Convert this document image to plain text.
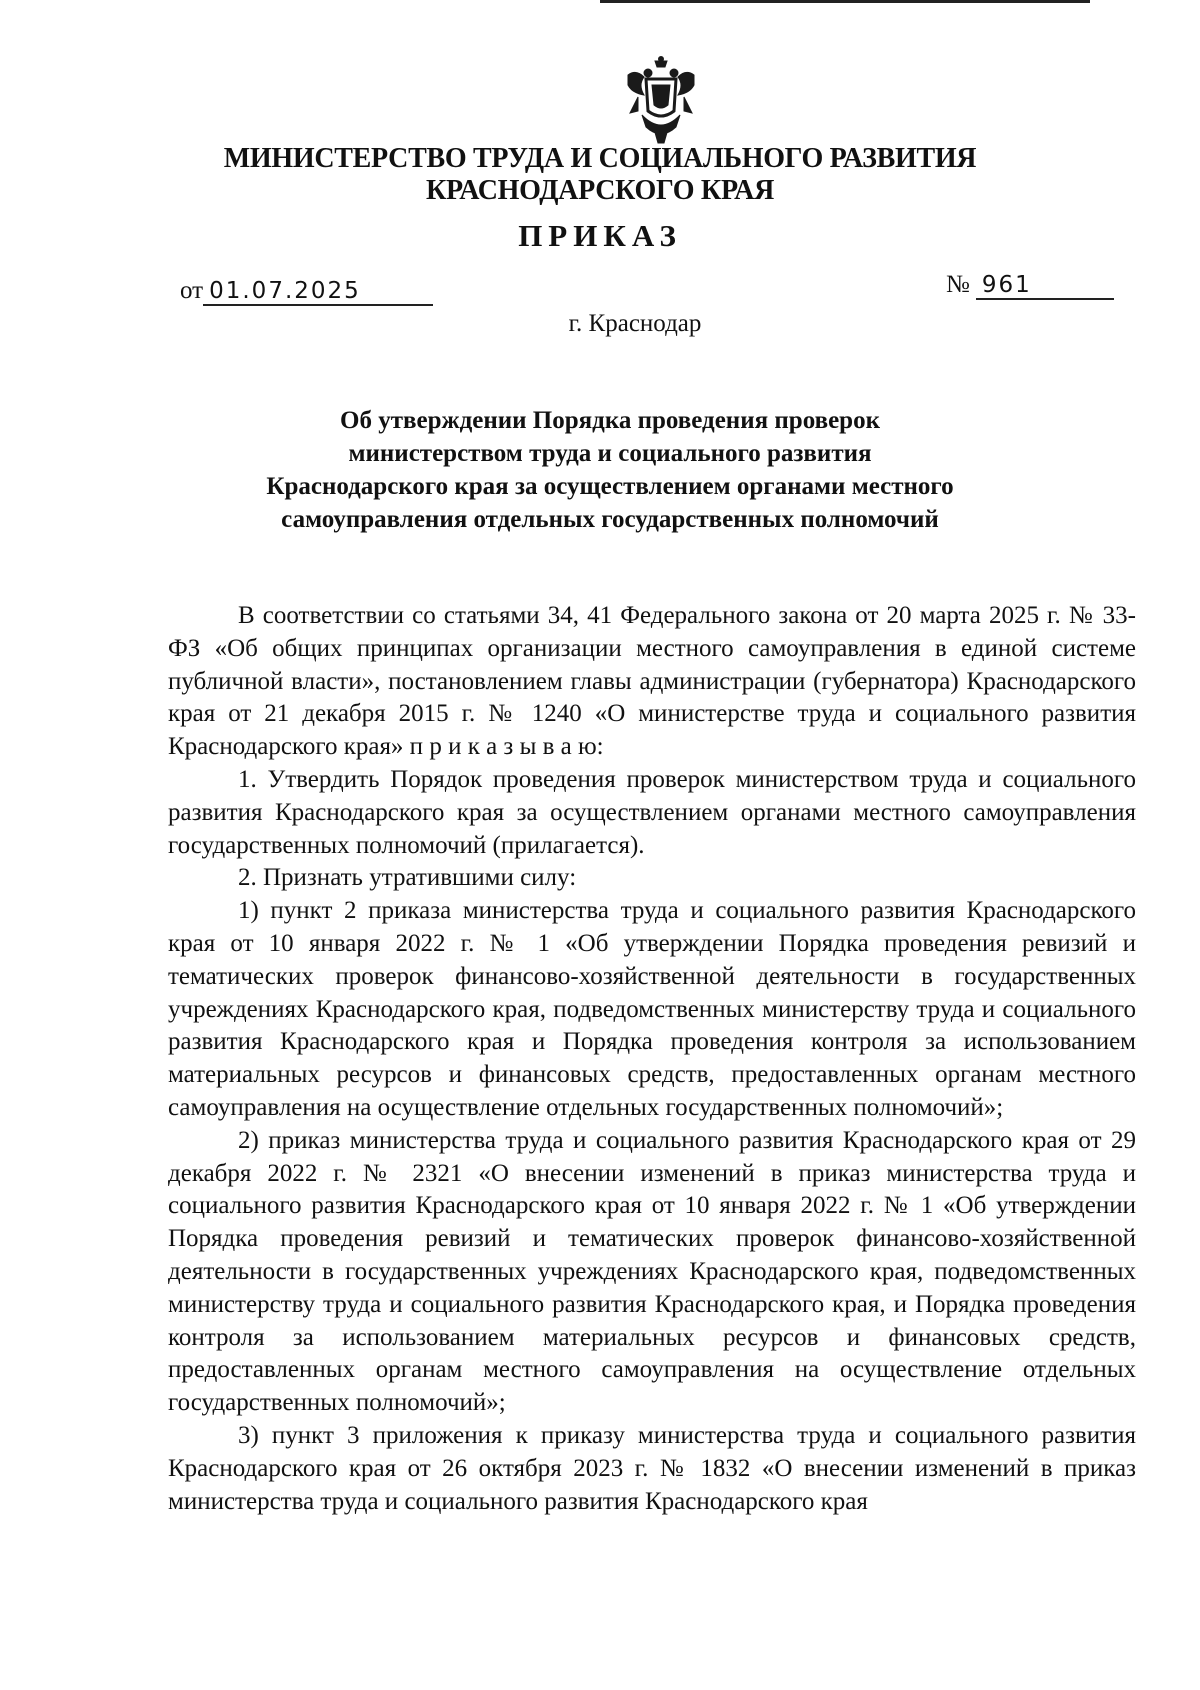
МИНИСТЕРСТВО ТРУДА И СОЦИАЛЬНОГО РАЗВИТИЯ
КРАСНОДАРСКОГО КРАЯ
ПРИКАЗ
от 01.07.2025	№ 961
г. Краснодар
Об утверждении Порядка проведения проверок
министерством труда и социального развития
Краснодарского края за осуществлением органами местного
самоуправления отдельных государственных полномочий

В соответствии со статьями 34, 41 Федерального закона от 20 марта 2025 г. № 33-ФЗ «Об общих принципах организации местного самоуправления в единой системе публичной власти», постановлением главы администрации (губернатора) Краснодарского края от 21 декабря 2015 г. № 1240 «О министерстве труда и социального развития Краснодарского края» п р и к а з ы в а ю:

1. Утвердить Порядок проведения проверок министерством труда и социального развития Краснодарского края за осуществлением органами местного самоуправления государственных полномочий (прилагается).

2. Признать утратившими силу:

1) пункт 2 приказа министерства труда и социального развития Краснодарского края от 10 января 2022 г. № 1 «Об утверждении Порядка проведения ревизий и тематических проверок финансово-хозяйственной деятельности в государственных учреждениях Краснодарского края, подведомственных министерству труда и социального развития Краснодарского края и Порядка проведения контроля за использованием материальных ресурсов и финансовых средств, предоставленных органам местного самоуправления на осуществление отдельных государственных полномочий»;

2) приказ министерства труда и социального развития Краснодарского края от 29 декабря 2022 г. № 2321 «О внесении изменений в приказ министерства труда и социального развития Краснодарского края от 10 января 2022 г. № 1 «Об утверждении Порядка проведения ревизий и тематических проверок финансово-хозяйственной деятельности в государственных учреждениях Краснодарского края, подведомственных министерству труда и социального развития Краснодарского края, и Порядка проведения контроля за использованием материальных ресурсов и финансовых средств, предоставленных органам местного самоуправления на осуществление отдельных государственных полномочий»;

3) пункт 3 приложения к приказу министерства труда и социального развития Краснодарского края от 26 октября 2023 г. № 1832 «О внесении изменений в приказ министерства труда и социального развития Краснодарского края
